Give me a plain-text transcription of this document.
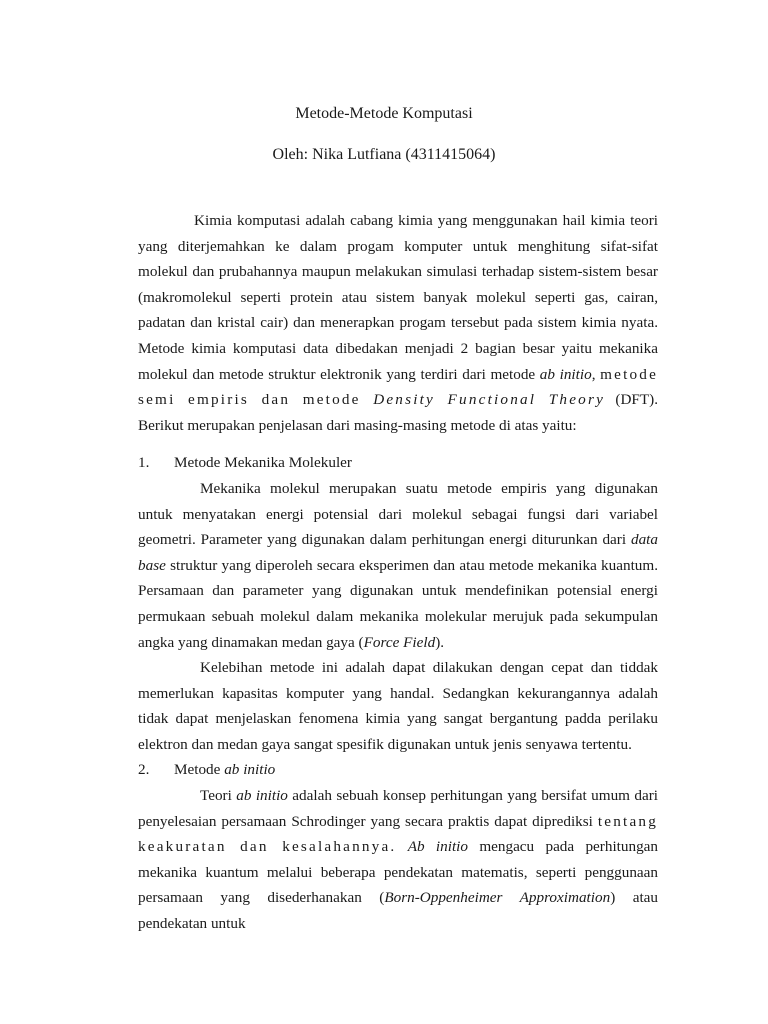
Metode-Metode Komputasi
Oleh: Nika Lutfiana (4311415064)

Kimia komputasi adalah cabang kimia yang menggunakan hail kimia teori yang diterjemahkan ke dalam progam komputer untuk menghitung sifat-sifat molekul dan prubahannya maupun melakukan simulasi terhadap sistem-sistem besar (makromolekul seperti protein atau sistem banyak molekul seperti gas, cairan, padatan dan kristal cair) dan menerapkan progam tersebut pada sistem kimia nyata. Metode kimia komputasi data dibedakan menjadi 2 bagian besar yaitu mekanika molekul dan metode struktur elektronik yang terdiri dari metode ab initio, metode semi empiris dan metode Density Functional Theory (DFT). Berikut merupakan penjelasan dari masing-masing metode di atas yaitu:

1. Metode Mekanika Molekuler

Mekanika molekul merupakan suatu metode empiris yang digunakan untuk menyatakan energi potensial dari molekul sebagai fungsi dari variabel geometri. Parameter yang digunakan dalam perhitungan energi diturunkan dari data base struktur yang diperoleh secara eksperimen dan atau metode mekanika kuantum. Persamaan dan parameter yang digunakan untuk mendefinikan potensial energi permukaan sebuah molekul dalam mekanika molekular merujuk pada sekumpulan angka yang dinamakan medan gaya (Force Field).

Kelebihan metode ini adalah dapat dilakukan dengan cepat dan tiddak memerlukan kapasitas komputer yang handal. Sedangkan kekurangannya adalah tidak dapat menjelaskan fenomena kimia yang sangat bergantung padda perilaku elektron dan medan gaya sangat spesifik digunakan untuk jenis senyawa tertentu.

2. Metode ab initio

Teori ab initio adalah sebuah konsep perhitungan yang bersifat umum dari penyelesaian persamaan Schrodinger yang secara praktis dapat diprediksi tentang keakuratan dan kesalahannya. Ab initio mengacu pada perhitungan mekanika kuantum melalui beberapa pendekatan matematis, seperti penggunaan persamaan yang disederhanakan (Born-Oppenheimer Approximation) atau pendekatan untuk
